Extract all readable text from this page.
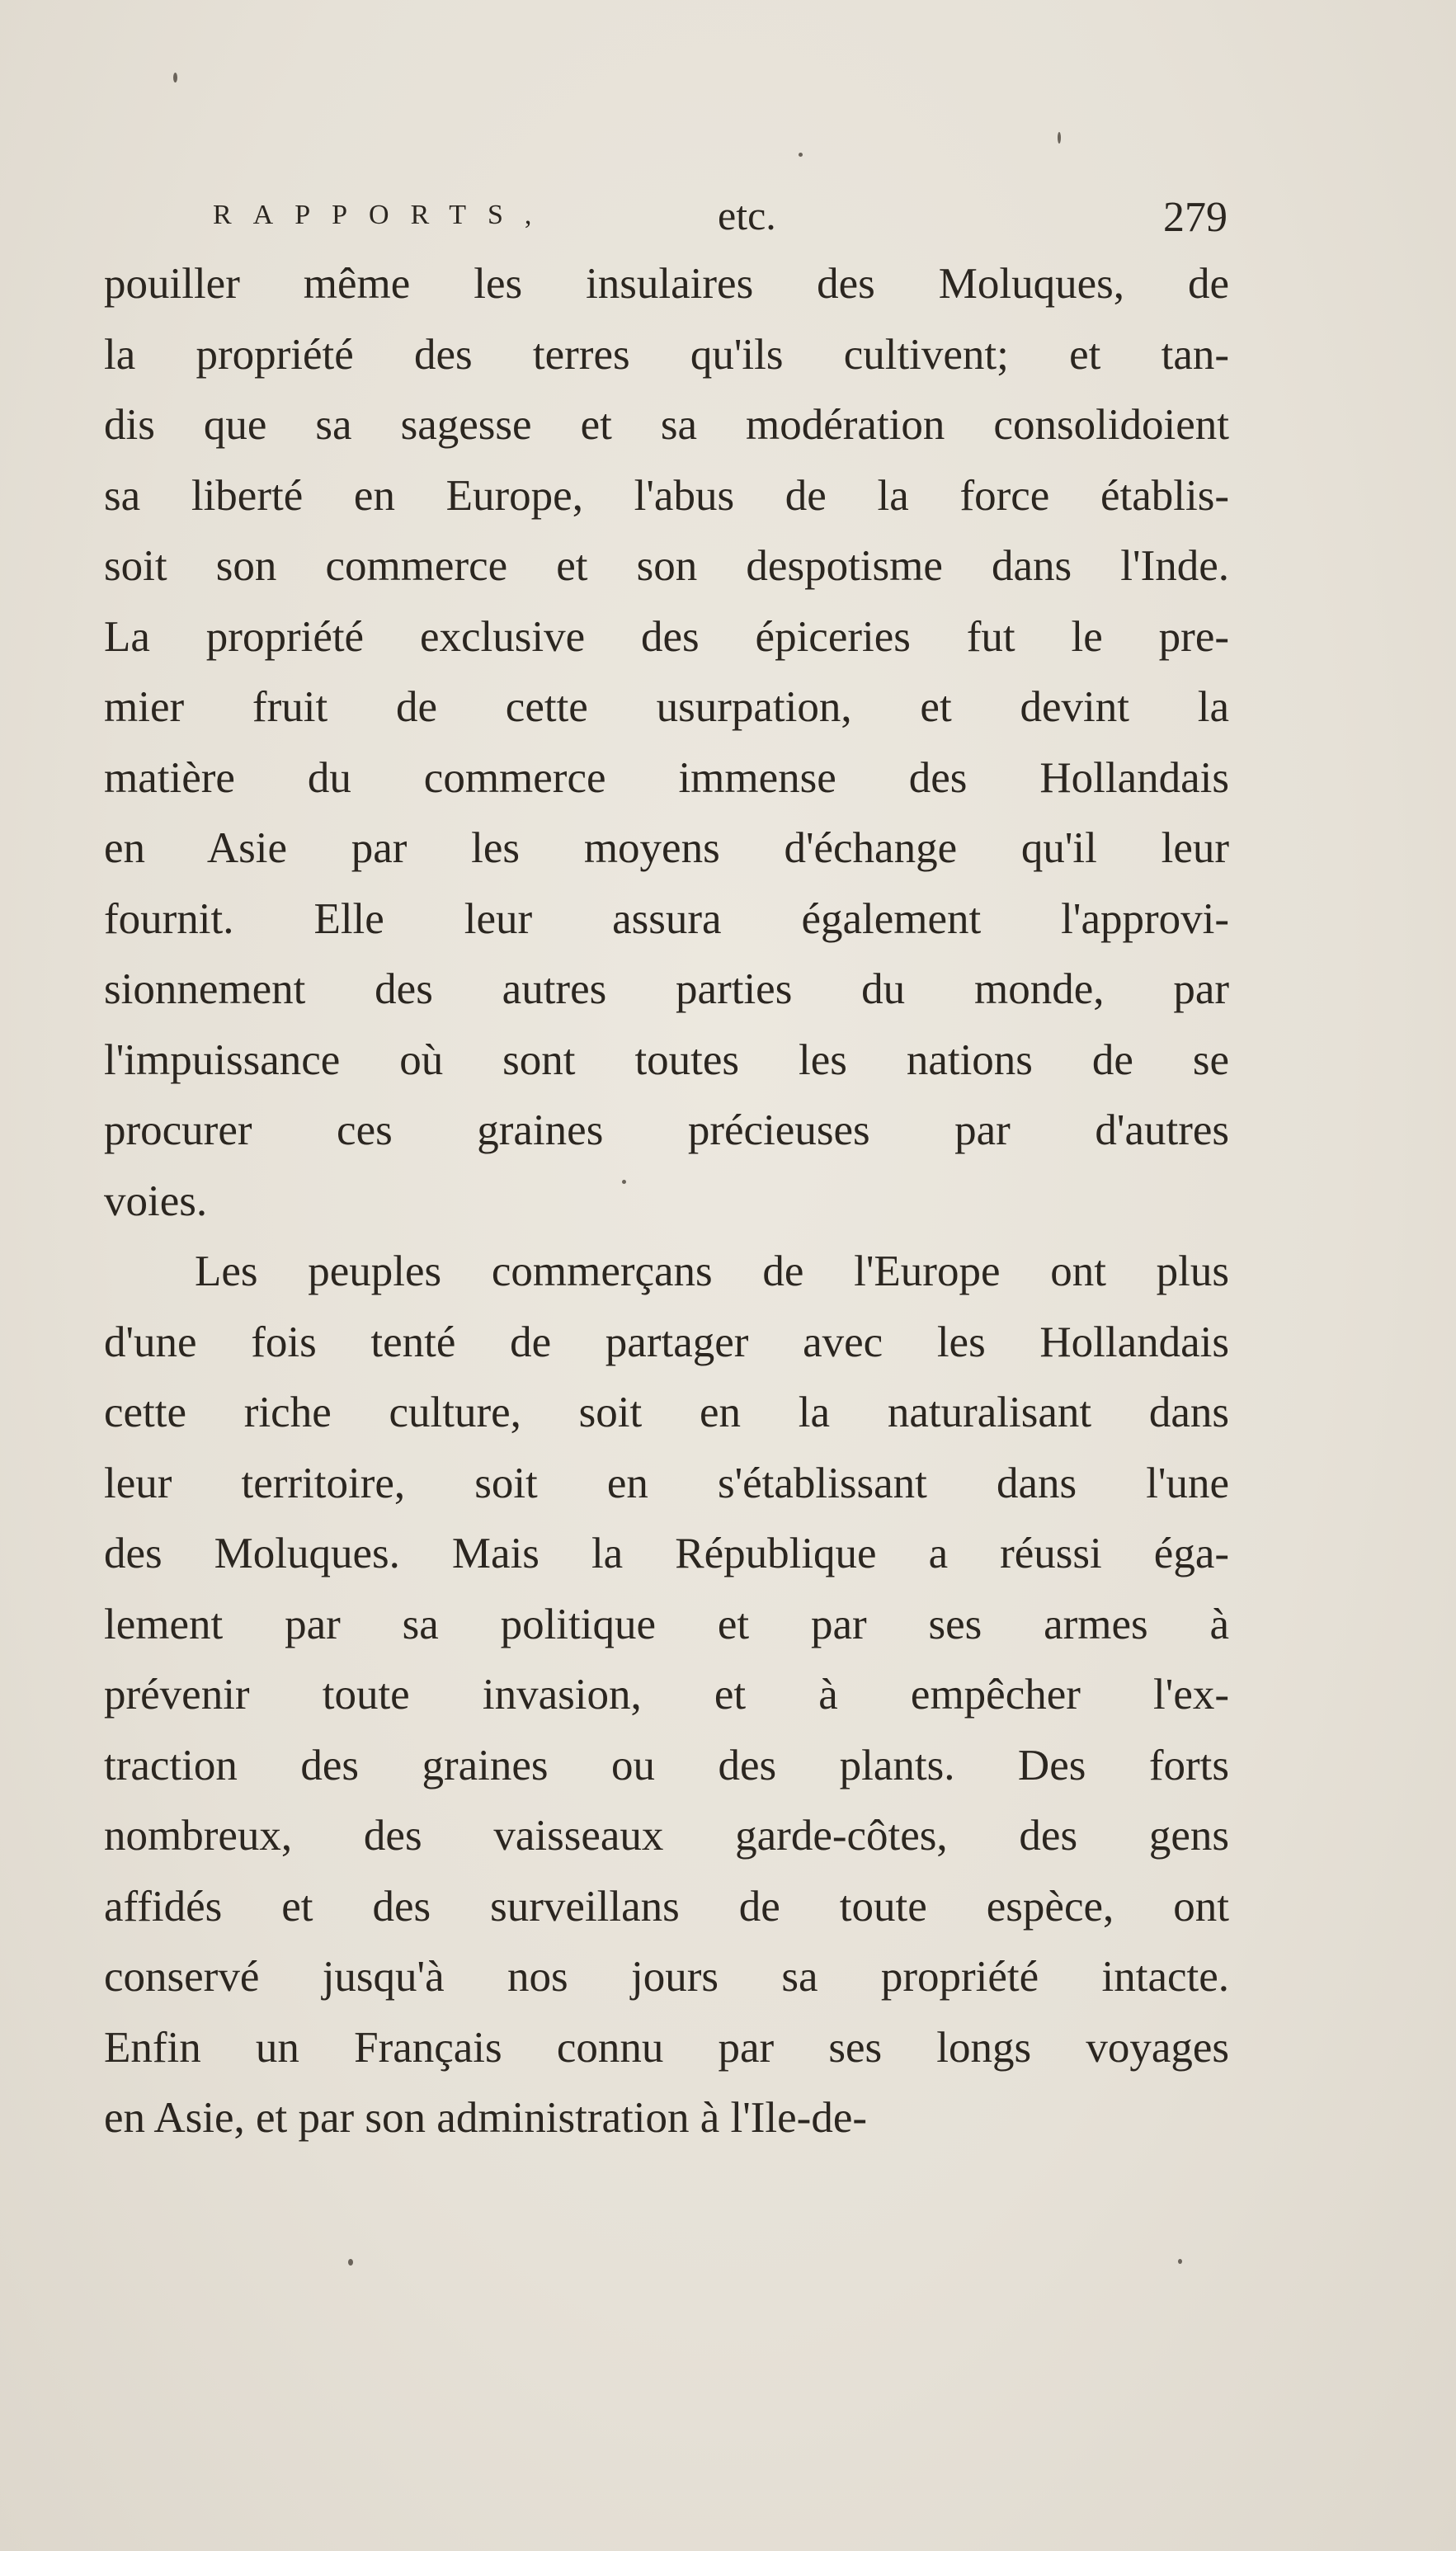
RAPPORTS,	etc.	279
pouiller même les insulaires des Moluques, de
la propriété des terres qu'ils cultivent; et tan-
dis que sa sagesse et sa modération consolidoient
sa liberté en Europe, l'abus de la force établis-
soit son commerce et son despotisme dans l'Inde.
La propriété exclusive des épiceries fut le pre-
mier fruit de cette usurpation, et devint la
matière du commerce immense des Hollandais
en Asie par les moyens d'échange qu'il leur
fournit. Elle leur assura également l'approvi-
sionnement des autres parties du monde, par
l'impuissance où sont toutes les nations de se
procurer ces graines précieuses par d'autres
voies.
Les peuples commerçans de l'Europe ont plus
d'une fois tenté de partager avec les Hollandais
cette riche culture, soit en la naturalisant dans
leur territoire, soit en s'établissant dans l'une
des Moluques. Mais la République a réussi éga-
lement par sa politique et par ses armes à
prévenir toute invasion, et à empêcher l'ex-
traction des graines ou des plants. Des forts
nombreux, des vaisseaux garde-côtes, des gens
affidés et des surveillans de toute espèce, ont
conservé jusqu'à nos jours sa propriété intacte.
Enfin un Français connu par ses longs voyages
en Asie, et par son administration à l'Ile-de-
